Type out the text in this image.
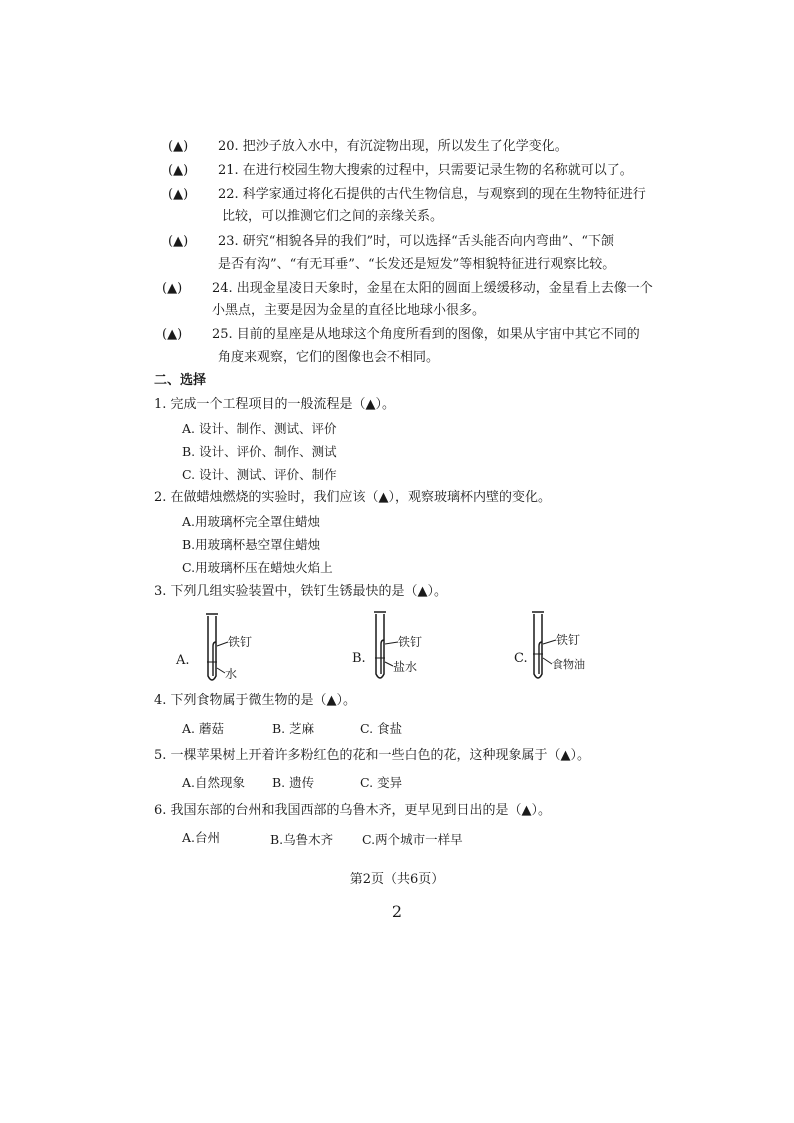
(▲) 20. 把沙子放入水中，有沉淀物出现，所以发生了化学变化。
(▲) 21. 在进行校园生物大搜索的过程中，只需要记录生物的名称就可以了。
(▲) 22. 科学家通过将化石提供的古代生物信息，与观察到的现在生物特征进行
比较，可以推测它们之间的亲缘关系。
(▲) 23. 研究“相貌各异的我们”时，可以选择“舌头能否向内弯曲”、“下颌
是否有沟”、“有无耳垂”、“长发还是短发”等相貌特征进行观察比较。
(▲) 24. 出现金星凌日天象时，金星在太阳的圆面上缓缓移动，金星看上去像一个
小黑点，主要是因为金星的直径比地球小很多。
(▲) 25. 目前的星座是从地球这个角度所看到的图像，如果从宇宙中其它不同的
角度来观察，它们的图像也会不相同。
二、选择
1. 完成一个工程项目的一般流程是（▲）。
A. 设计、制作、测试、评价
B. 设计、评价、制作、测试
C. 设计、测试、评价、制作
2. 在做蜡烛燃烧的实验时，我们应该（▲），观察玻璃杯内壁的变化。
A.用玻璃杯完全罩住蜡烛
B.用玻璃杯悬空罩住蜡烛
C.用玻璃杯压在蜡烛火焰上
3. 下列几组实验装置中，铁钉生锈最快的是（▲）。
A.
铁钉
水
B.
铁钉
盐水
C.
铁钉
食物油
4. 下列食物属于微生物的是（▲）。
A. 蘑菇	B. 芝麻	C. 食盐
5. 一棵苹果树上开着许多粉红色的花和一些白色的花，这种现象属于（▲）。
A.自然现象 B. 遗传	C. 变异
6. 我国东部的台州和我国西部的乌鲁木齐，更早见到日出的是（▲）。
A.台州	B.乌鲁木齐 C.两个城市一样早
第2页（共6页）
2
